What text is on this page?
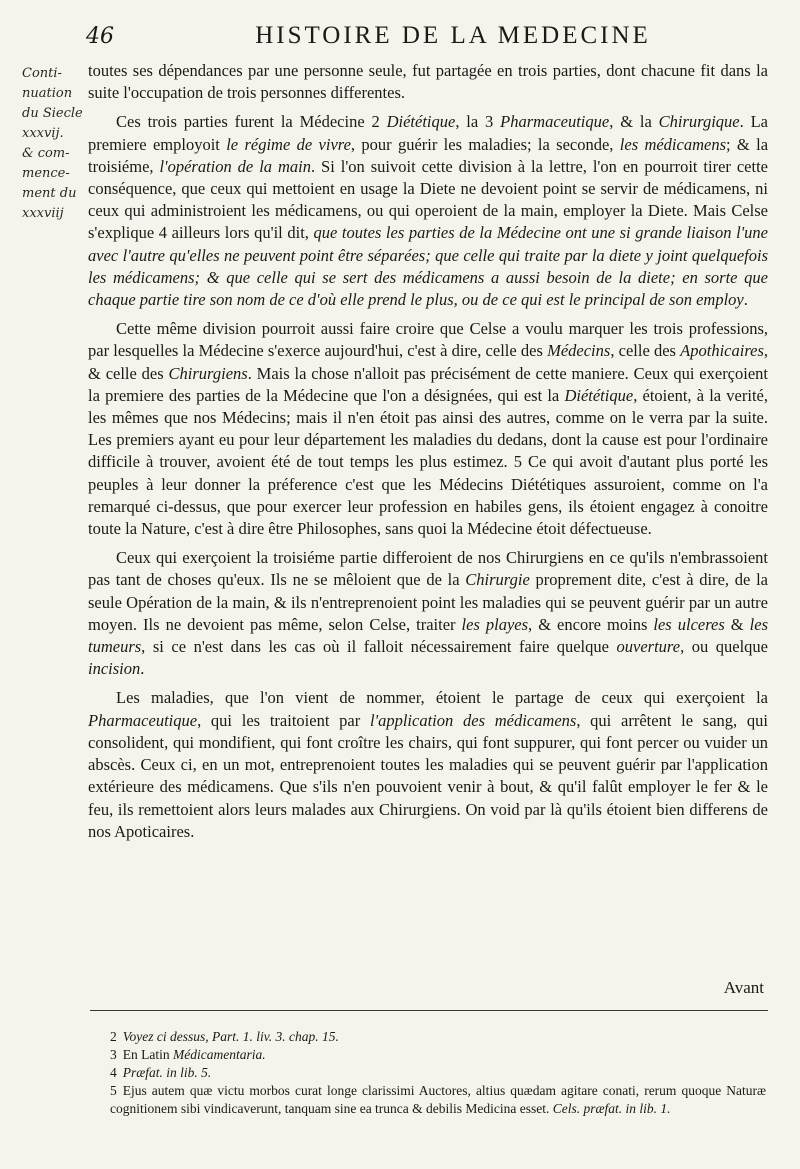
46	HISTOIRE DE LA MEDECINE
Conti-
nuation
du Siecle
xxxvij.
& com-
mence-
ment du
xxxviij

toutes ses dépendances par une personne seule, fut partagée en trois parties, dont chacune fit dans la suite l'occupation de trois personnes differentes.

Ces trois parties furent la Médecine 2 Diététique, la 3 Pharmaceutique, & la Chirurgique. La premiere employoit le régime de vivre, pour guérir les maladies; la seconde, les médicamens; & la troisiéme, l'opération de la main. Si l'on suivoit cette division à la lettre, l'on en pourroit tirer cette conséquence, que ceux qui mettoient en usage la Diete ne devoient point se servir de médicamens, ni ceux qui administroient les médicamens, ou qui operoient de la main, employer la Diete. Mais Celse s'explique 4 ailleurs lors qu'il dit, que toutes les parties de la Médecine ont une si grande liaison l'une avec l'autre qu'elles ne peuvent point être séparées; que celle qui traite par la diete y joint quelquefois les médicamens; & que celle qui se sert des médicamens a aussi besoin de la diete; en sorte que chaque partie tire son nom de ce d'où elle prend le plus, ou de ce qui est le principal de son employ.

Cette même division pourroit aussi faire croire que Celse a voulu marquer les trois professions, par lesquelles la Médecine s'exerce aujourd'hui, c'est à dire, celle des Médecins, celle des Apothicaires, & celle des Chirurgiens. Mais la chose n'alloit pas précisément de cette maniere. Ceux qui exerçoient la premiere des parties de la Médecine que l'on a désignées, qui est la Diététique, étoient, à la verité, les mêmes que nos Médecins; mais il n'en étoit pas ainsi des autres, comme on le verra par la suite. Les premiers ayant eu pour leur département les maladies du dedans, dont la cause est pour l'ordinaire difficile à trouver, avoient été de tout temps les plus estimez. 5 Ce qui avoit d'autant plus porté les peuples à leur donner la préference c'est que les Médecins Diététiques assuroient, comme on l'a remarqué ci-dessus, que pour exercer leur profession en habiles gens, ils étoient engagez à conoitre toute la Nature, c'est à dire être Philosophes, sans quoi la Médecine étoit défectueuse.

Ceux qui exerçoient la troisiéme partie differoient de nos Chirurgiens en ce qu'ils n'embrassoient pas tant de choses qu'eux. Ils ne se mêloient que de la Chirurgie proprement dite, c'est à dire, de la seule Opération de la main, & ils n'entreprenoient point les maladies qui se peuvent guérir par un autre moyen. Ils ne devoient pas même, selon Celse, traiter les playes, & encore moins les ulceres & les tumeurs, si ce n'est dans les cas où il falloit nécessairement faire quelque ouverture, ou quelque incision.

Les maladies, que l'on vient de nommer, étoient le partage de ceux qui exerçoient la Pharmaceutique, qui les traitoient par l'application des médicamens, qui arrêtent le sang, qui consolident, qui mondifient, qui font croître les chairs, qui font suppurer, qui font percer ou vuider un abscès. Ceux ci, en un mot, entreprenoient toutes les maladies qui se peuvent guérir par l'application extérieure des médicamens. Que s'ils n'en pouvoient venir à bout, & qu'il falût employer le fer & le feu, ils remettoient alors leurs malades aux Chirurgiens. On void par là qu'ils étoient bien differens de nos Apoticaires.

Avant
2 Voyez ci dessus, Part. 1. liv. 3. chap. 15.
3 En Latin Médicamentaria.
4 Præfat. in lib. 5.
5 Ejus autem quæ victu morbos curat longe clarissimi Auctores, altius quædam agitare conati, rerum quoque Naturæ cognitionem sibi vindicaverunt, tanquam sine ea trunca & debilis Medicina esset. Cels. præfat. in lib. 1.
